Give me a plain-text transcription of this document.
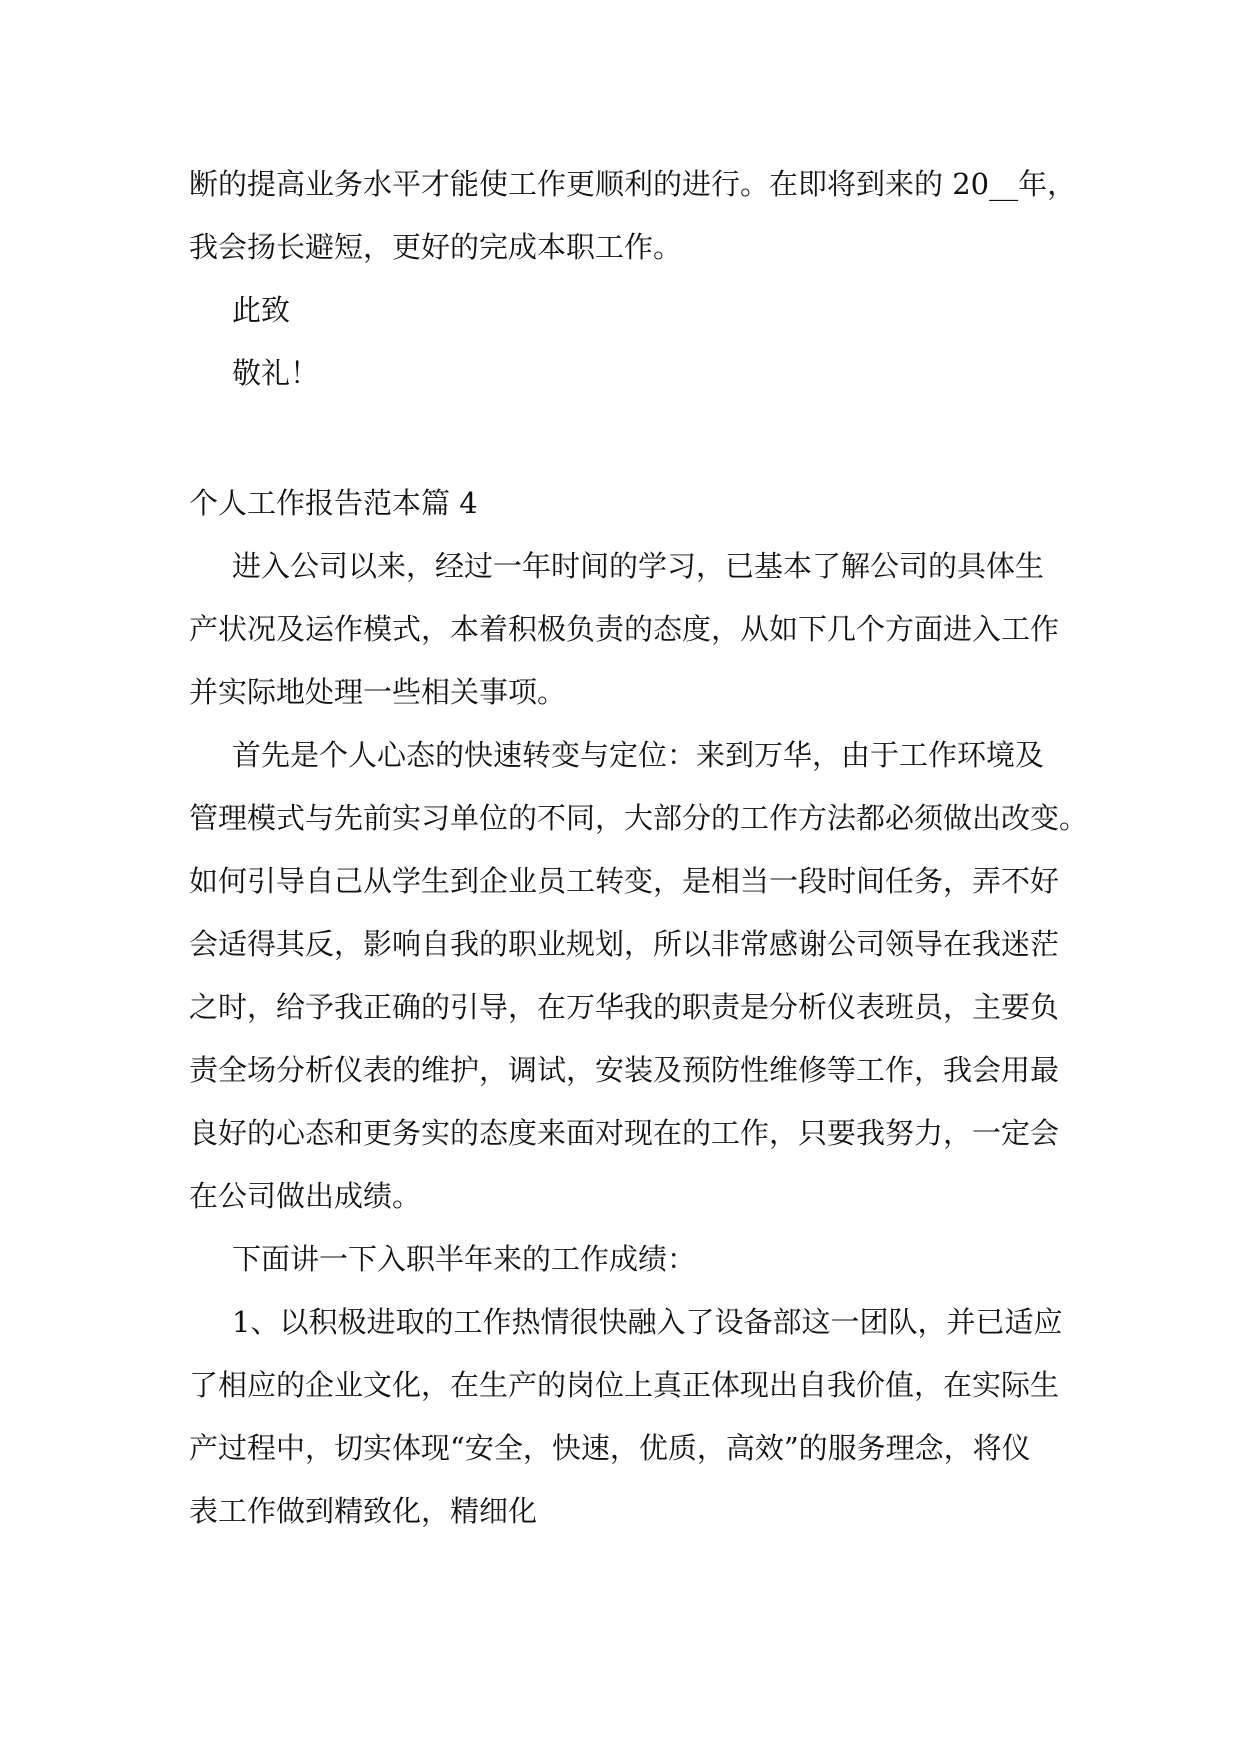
断的提高业务水平才能使工作更顺利的进行。在即将到来的 20__年，
我会扬长避短，更好的完成本职工作。
此致
敬礼！
个人工作报告范本篇 4
进入公司以来，经过一年时间的学习，已基本了解公司的具体生
产状况及运作模式，本着积极负责的态度，从如下几个方面进入工作
并实际地处理一些相关事项。
首先是个人心态的快速转变与定位：来到万华，由于工作环境及
管理模式与先前实习单位的不同，大部分的工作方法都必须做出改变。
如何引导自己从学生到企业员工转变，是相当一段时间任务，弄不好
会适得其反，影响自我的职业规划，所以非常感谢公司领导在我迷茫
之时，给予我正确的引导，在万华我的职责是分析仪表班员，主要负
责全场分析仪表的维护，调试，安装及预防性维修等工作，我会用最
良好的心态和更务实的态度来面对现在的工作，只要我努力，一定会
在公司做出成绩。
下面讲一下入职半年来的工作成绩：
1、以积极进取的工作热情很快融入了设备部这一团队，并已适应
了相应的企业文化，在生产的岗位上真正体现出自我价值，在实际生
产过程中，切实体现“安全，快速，优质，高效”的服务理念，将仪
表工作做到精致化，精细化
